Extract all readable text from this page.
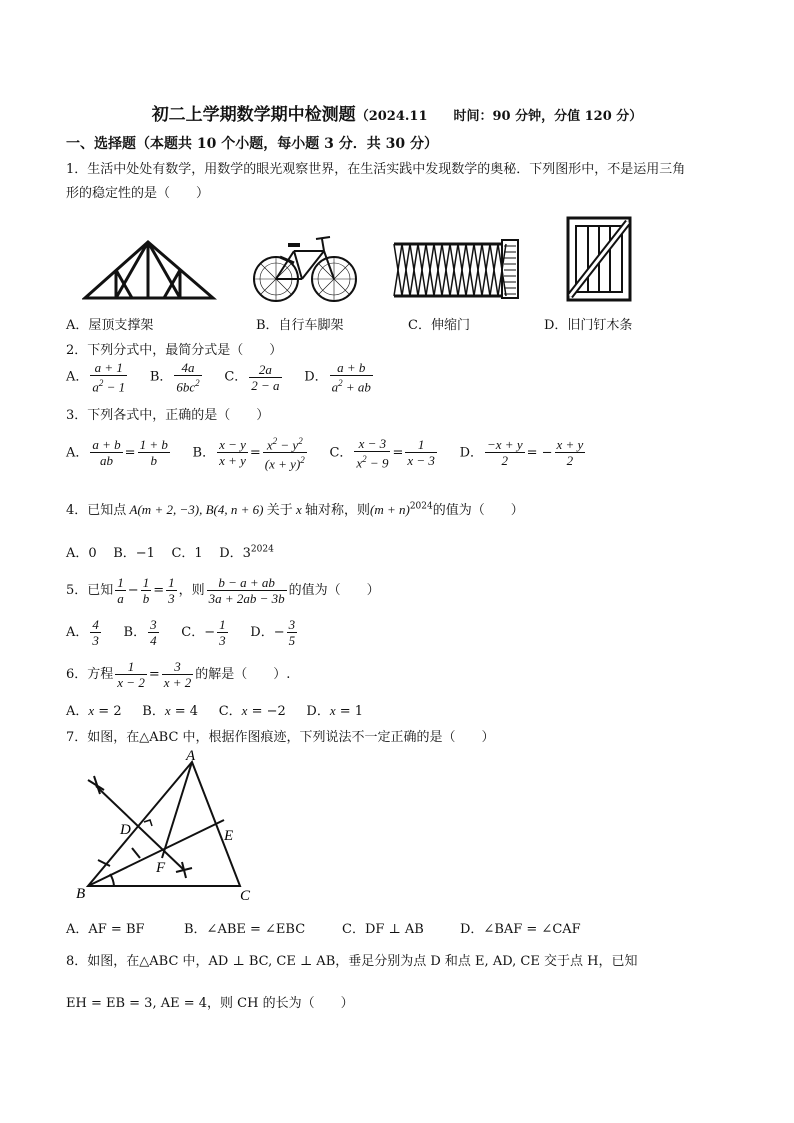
初二上学期数学期中检测题（2024.11　　时间：90 分钟，分值 120 分）
一、选择题（本题共 10 个小题，每小题 3 分．共 30 分）
1．生活中处处有数学，用数学的眼光观察世界，在生活实践中发现数学的奥秘．下列图形中，不是运用三角
形的稳定性的是（　　）
A．屋顶支撑架	B．自行车脚架	C．伸缩门	D．旧门钉木条
2．下列分式中，最简分式是（　　）
A． $\frac{a + 1}{a^2 - 1}$ B． $\frac{4a}{6bc^2}$ C． $\frac{2a}{2 - a}$ D． $\frac{a + b}{a^2 + ab}$
3．下列各式中，正确的是（　　）
A． $\frac{a + b}{ab} = \frac{1 + b}{b}$ B． $\frac{x - y}{x + y} = \frac{x^2 - y^2}{(x + y)^2}$ C． $\frac{x - 3}{x^2 - 9} = \frac{1}{x - 3}$ D． $\frac{-x + y}{2}$ = − $\frac{x + y}{2}$
4．已知点 A(m + 2, −3), B(4, n + 6) 关于 x 轴对称，则$(m + n)^{2024}$的值为（　　）
A．0 B．−1 C．1 D．$3^{2024}$
5．已知 $\frac{1}{a} - \frac{1}{b} = \frac{1}{3}$ ，则 $\frac{b - a + ab}{3a + 2ab - 3b}$ 的值为（　　）
A． $\frac{4}{3}$ B． $\frac{3}{4}$ C．− $\frac{1}{3}$ D．− $\frac{3}{5}$
6．方程 $\frac{1}{x - 2} = \frac{3}{x + 2}$ 的解是（　　）.
A．x = 2     B．x = 4     C．x = −2     D．x = 1
7．如图，在△ABC 中，根据作图痕迹，下列说法不一定正确的是（　　）
A
B	C
D	E
F
A．AF = BF	B．∠ABE = ∠EBC	C．DF ⊥ AB	D．∠BAF = ∠CAF
8．如图，在△ABC 中，AD ⊥ BC, CE ⊥ AB，垂足分别为点 D 和点 E, AD, CE 交于点 H，已知
EH = EB = 3, AE = 4，则 CH 的长为（　　）
